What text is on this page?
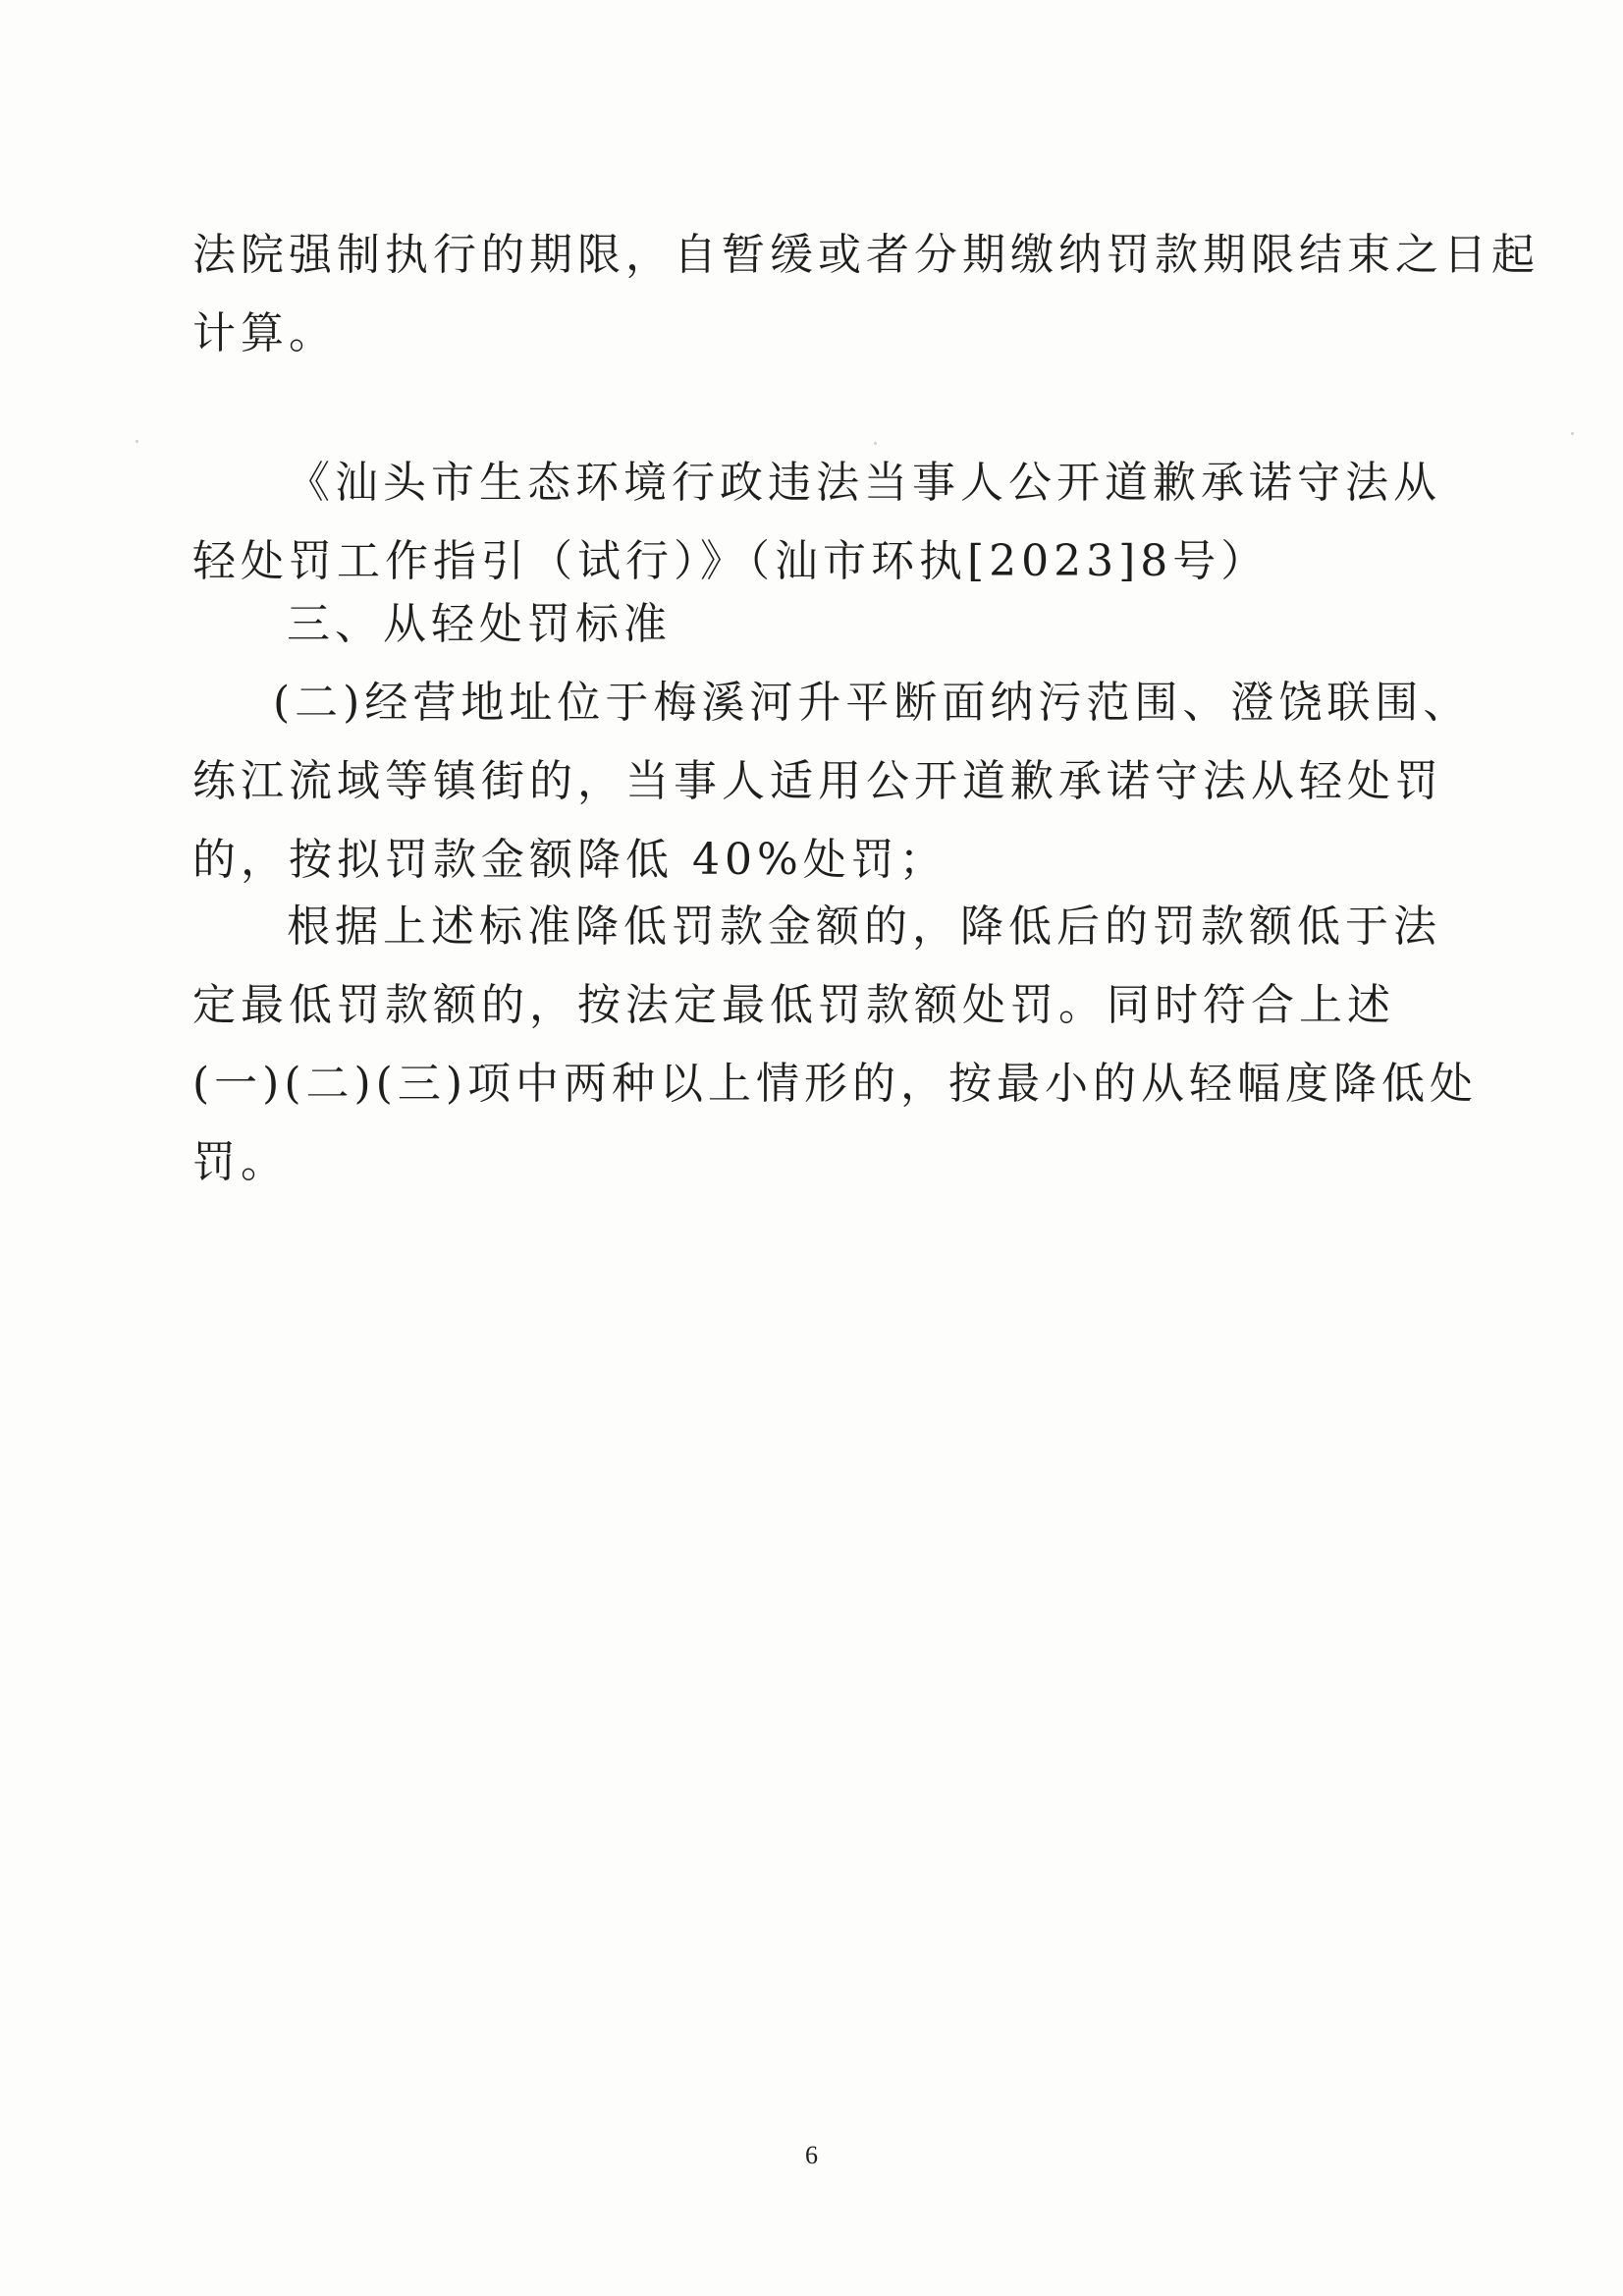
法院强制执行的期限，自暂缓或者分期缴纳罚款期限结束之日起
计算。
《汕头市生态环境行政违法当事人公开道歉承诺守法从
轻处罚工作指引（试行）》（汕市环执[2023]8号）
三、从轻处罚标准
(二)经营地址位于梅溪河升平断面纳污范围、澄饶联围、
练江流域等镇街的，当事人适用公开道歉承诺守法从轻处罚
的，按拟罚款金额降低 40%处罚；
根据上述标准降低罚款金额的，降低后的罚款额低于法
定最低罚款额的，按法定最低罚款额处罚。同时符合上述
(一)(二)(三)项中两种以上情形的，按最小的从轻幅度降低处
罚。
6
